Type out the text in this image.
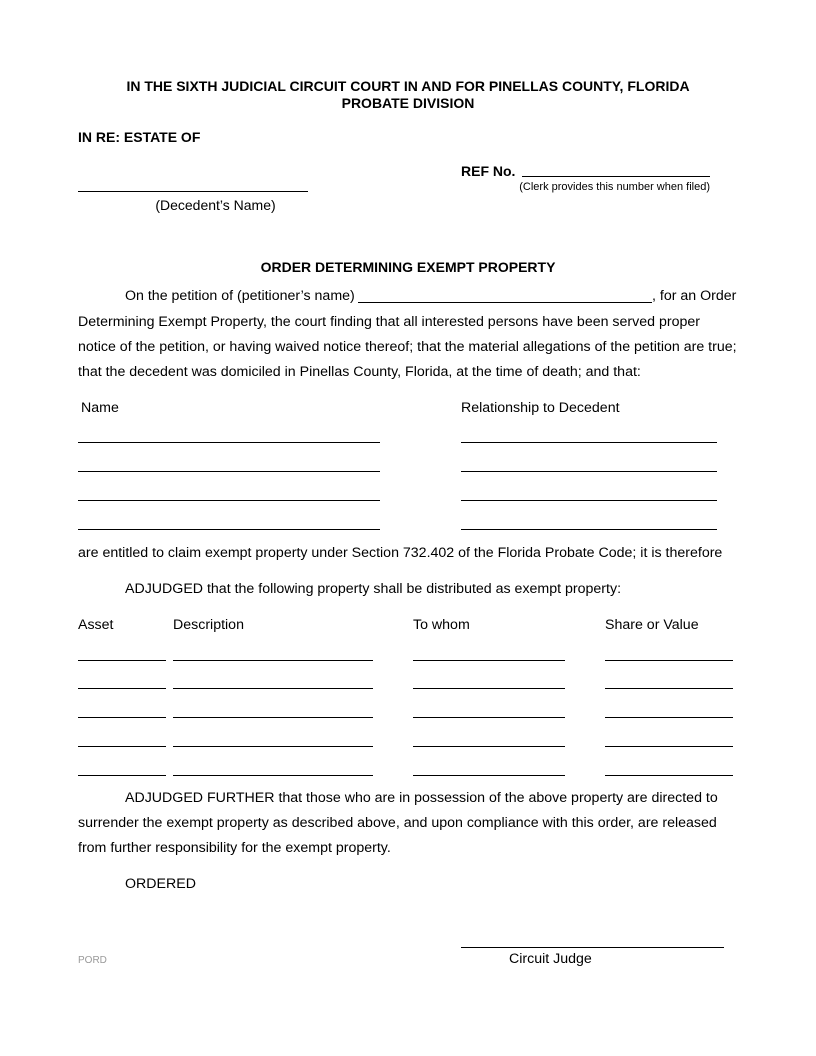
IN THE SIXTH JUDICIAL CIRCUIT COURT IN AND FOR PINELLAS COUNTY, FLORIDA
PROBATE DIVISION
IN RE: ESTATE OF
(Decedent’s Name)
REF No.
(Clerk provides this number when filed)
ORDER DETERMINING EXEMPT PROPERTY
On the petition of (petitioner’s name)	, for an Order
Determining Exempt Property, the court finding that all interested persons have been served proper
notice of the petition, or having waived notice thereof; that the material allegations of the petition are true;
that the decedent was domiciled in Pinellas County, Florida, at the time of death; and that:
Name	Relationship to Decedent
are entitled to claim exempt property under Section 732.402 of the Florida Probate Code; it is therefore
ADJUDGED that the following property shall be distributed as exempt property:
Asset	Description	To whom	Share or Value
ADJUDGED FURTHER that those who are in possession of the above property are directed to
surrender the exempt property as described above, and upon compliance with this order, are released
from further responsibility for the exempt property.
ORDERED
Circuit Judge
PORD
